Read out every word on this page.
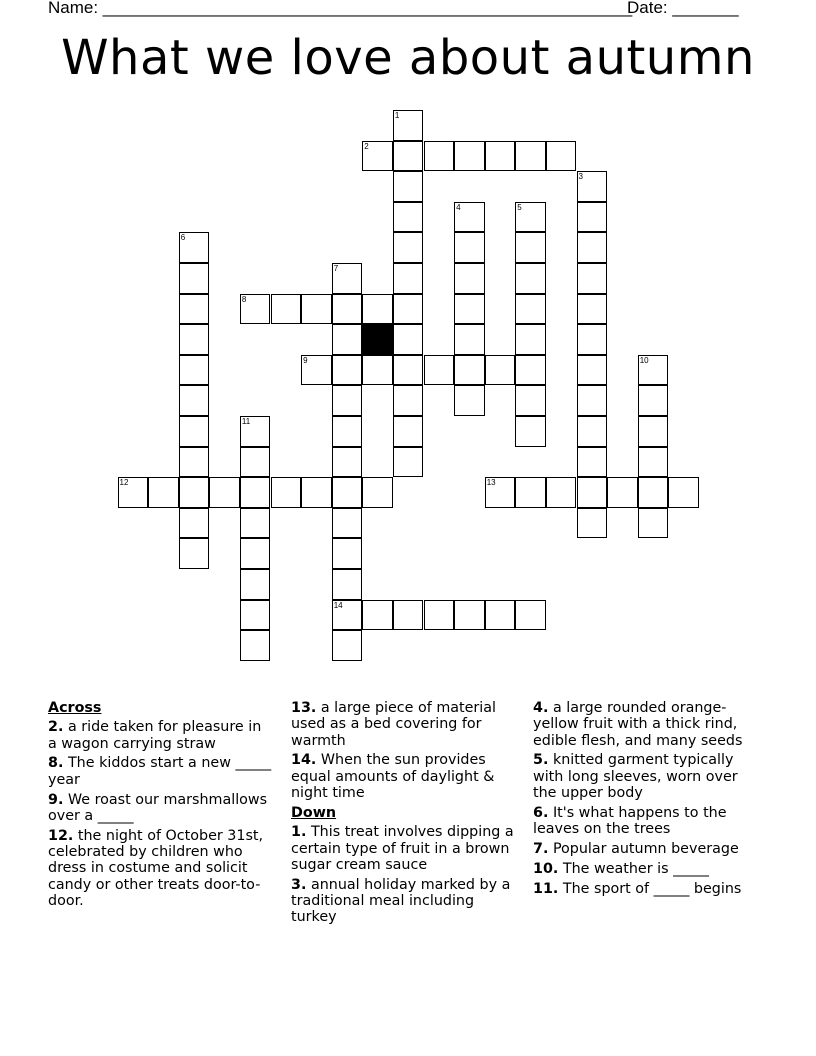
Name: ________________________________________________________
Date: _______
What we love about autumn
2
8
9
12	13
14
1
3
4	5
6
7
10
11

Across

2. a ride taken for pleasure in a wagon carrying straw

8. The kiddos start a new _____ year

9. We roast our marshmallows over a _____

12. the night of October 31st, celebrated by children who dress in costume and solicit candy or other treats door-to-door.

13. a large piece of material used as a bed covering for warmth

14. When the sun provides equal amounts of daylight & night time

Down

1. This treat involves dipping a certain type of fruit in a brown sugar cream sauce

3. annual holiday marked by a traditional meal including turkey

4. a large rounded orange-yellow fruit with a thick rind, edible flesh, and many seeds

5. knitted garment typically with long sleeves, worn over the upper body

6. It's what happens to the leaves on the trees

7. Popular autumn beverage

10. The weather is _____

11. The sport of _____ begins
